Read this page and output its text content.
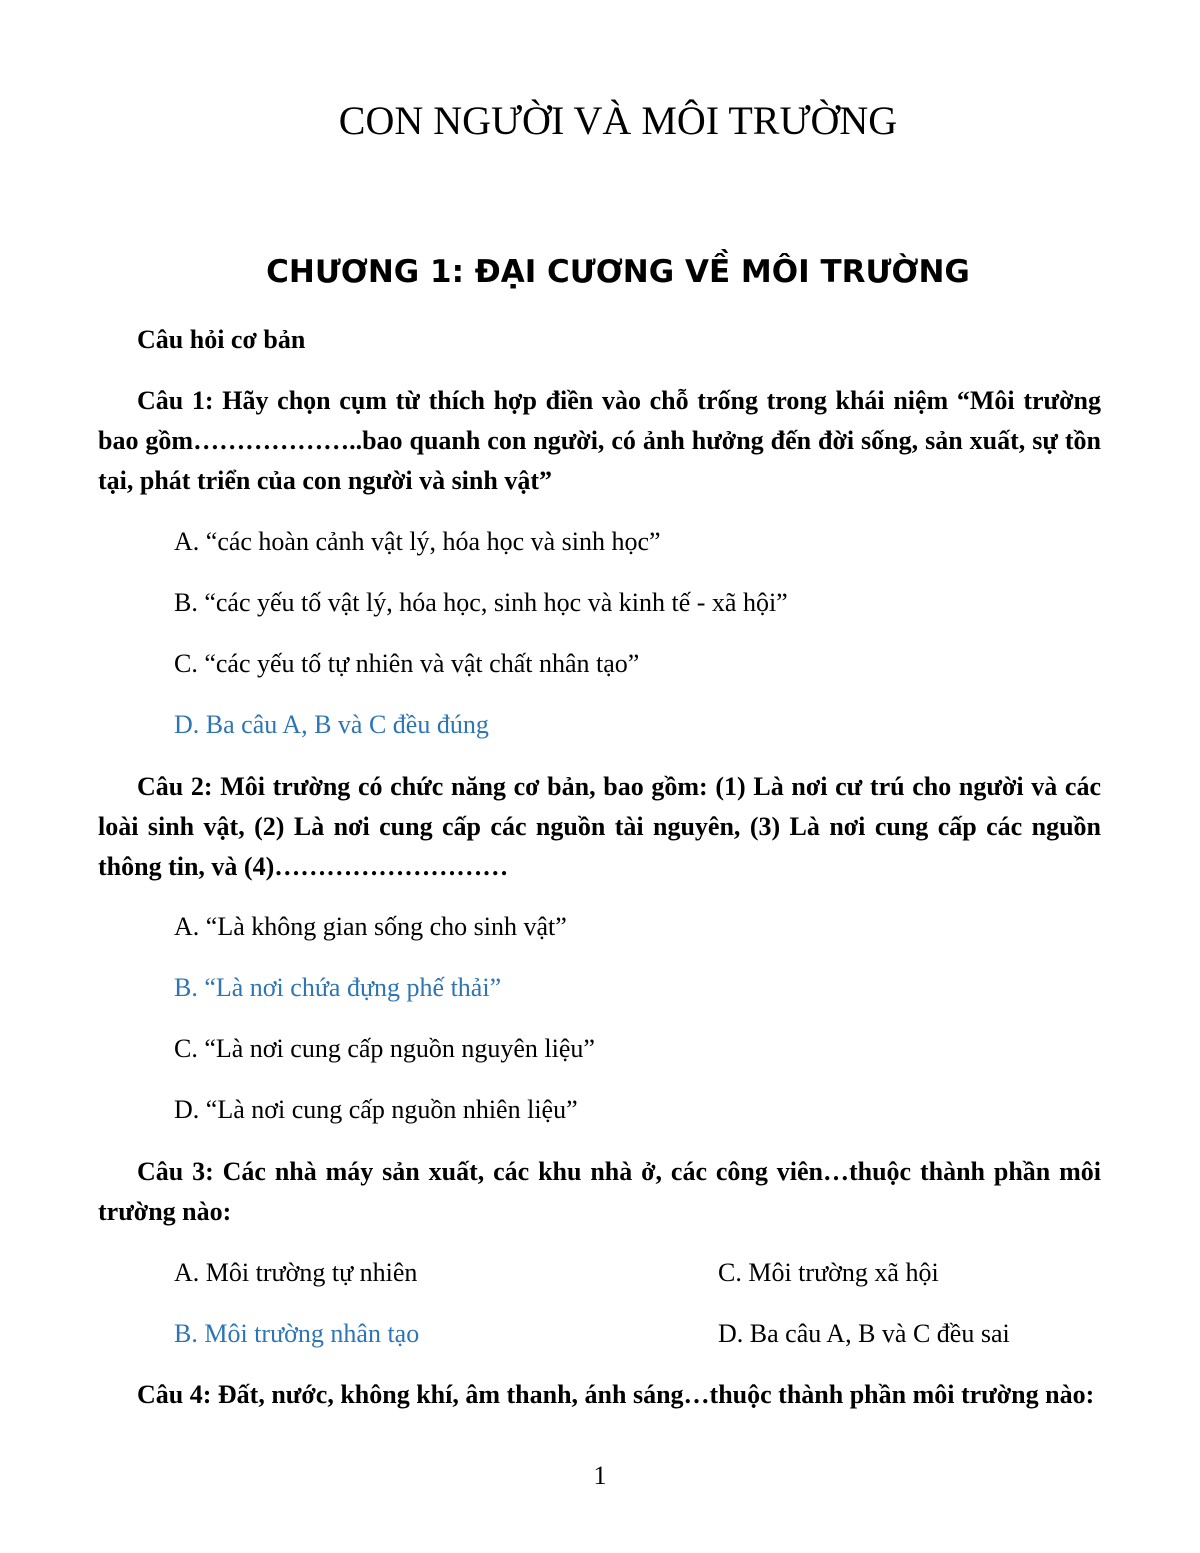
CON NGƯỜI VÀ MÔI TRƯỜNG
CHƯƠNG 1: ĐẠI CƯƠNG VỀ MÔI TRƯỜNG
Câu hỏi cơ bản
Câu 1: Hãy chọn cụm từ thích hợp điền vào chỗ trống trong khái niệm “Môi trường bao gồm………………..bao quanh con người, có ảnh hưởng đến đời sống, sản xuất, sự tồn tại, phát triển của con người và sinh vật”
A. “các hoàn cảnh vật lý, hóa học và sinh học”
B. “các yếu tố vật lý, hóa học, sinh học và kinh tế - xã hội”
C. “các yếu tố tự nhiên và vật chất nhân tạo”
D. Ba câu A, B và C đều đúng
Câu 2: Môi trường có chức năng cơ bản, bao gồm: (1) Là nơi cư trú cho người và các loài sinh vật, (2) Là nơi cung cấp các nguồn tài nguyên, (3) Là nơi cung cấp các nguồn thông tin, và (4)………………………
A. “Là không gian sống cho sinh vật”
B. “Là nơi chứa đựng phế thải”
C. “Là nơi cung cấp nguồn nguyên liệu”
D. “Là nơi cung cấp nguồn nhiên liệu”
Câu 3: Các nhà máy sản xuất, các khu nhà ở, các công viên…thuộc thành phần môi trường nào:
A. Môi trường tự nhiên	C. Môi trường xã hội
B. Môi trường nhân tạo	D. Ba câu A, B và C đều sai
Câu 4: Đất, nước, không khí, âm thanh, ánh sáng…thuộc thành phần môi trường nào:
1
